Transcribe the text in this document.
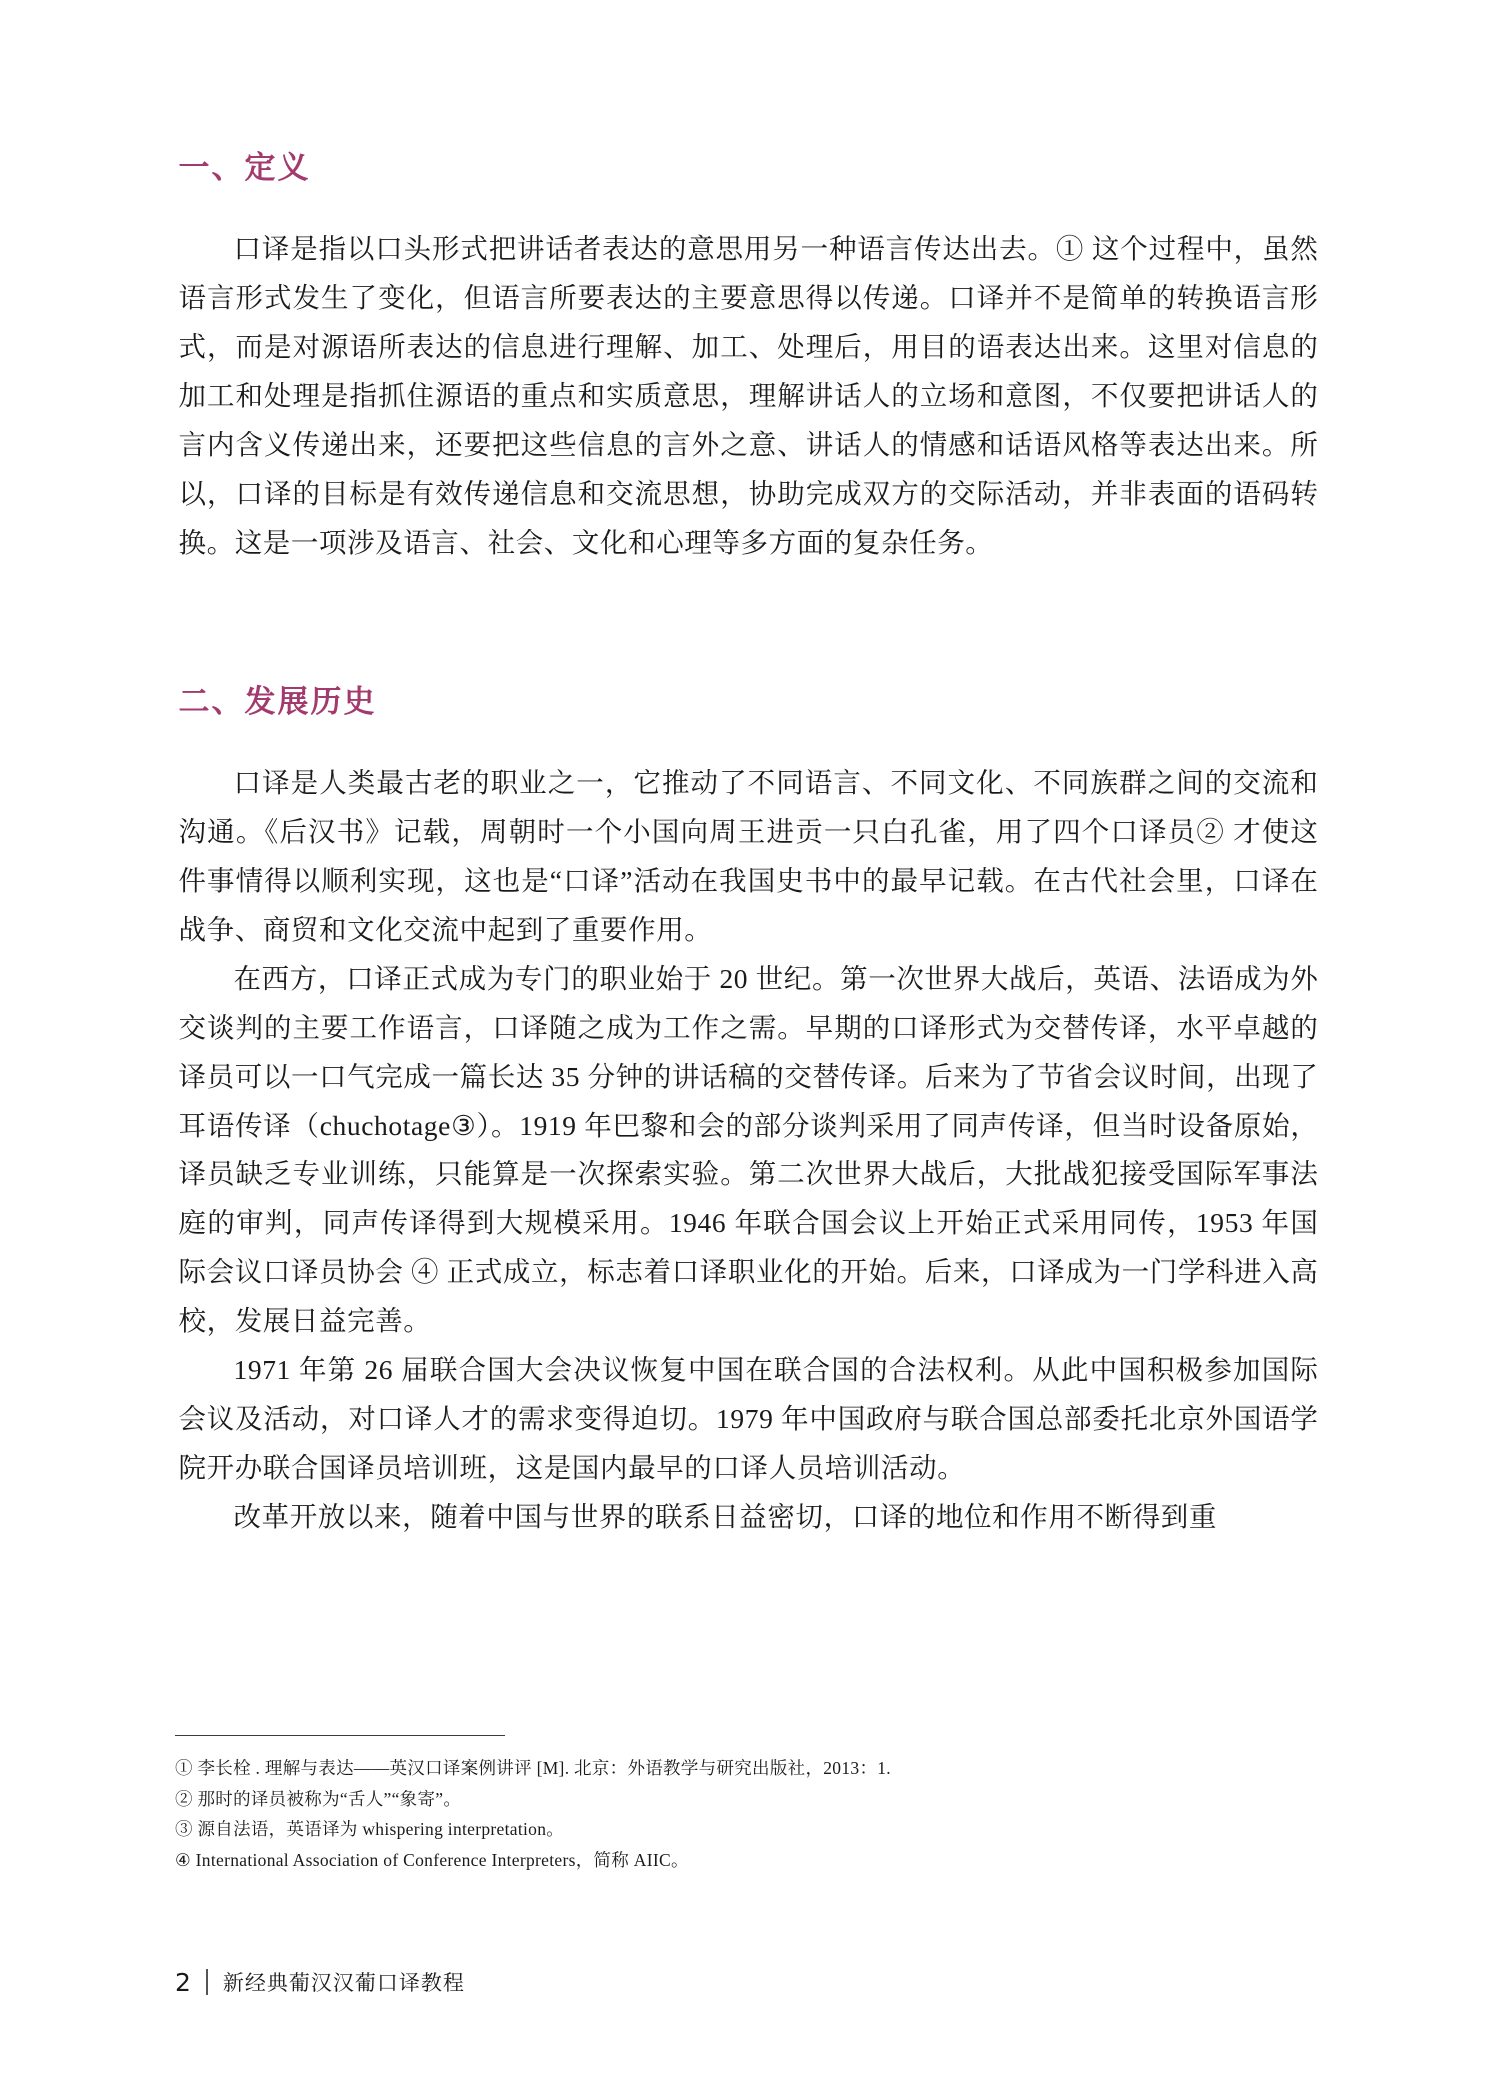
一、定义

口译是指以口头形式把讲话者表达的意思用另一种语言传达出去。① 这个过程中，虽然语言形式发生了变化，但语言所要表达的主要意思得以传递。口译并不是简单的转换语言形式，而是对源语所表达的信息进行理解、加工、处理后，用目的语表达出来。这里对信息的加工和处理是指抓住源语的重点和实质意思，理解讲话人的立场和意图，不仅要把讲话人的言内含义传递出来，还要把这些信息的言外之意、讲话人的情感和话语风格等表达出来。所以，口译的目标是有效传递信息和交流思想，协助完成双方的交际活动，并非表面的语码转换。这是一项涉及语言、社会、文化和心理等多方面的复杂任务。

二、发展历史

口译是人类最古老的职业之一，它推动了不同语言、不同文化、不同族群之间的交流和沟通。《后汉书》记载，周朝时一个小国向周王进贡一只白孔雀，用了四个口译员② 才使这件事情得以顺利实现，这也是“口译”活动在我国史书中的最早记载。在古代社会里，口译在战争、商贸和文化交流中起到了重要作用。

在西方，口译正式成为专门的职业始于 20 世纪。第一次世界大战后，英语、法语成为外交谈判的主要工作语言，口译随之成为工作之需。早期的口译形式为交替传译，水平卓越的译员可以一口气完成一篇长达 35 分钟的讲话稿的交替传译。后来为了节省会议时间，出现了耳语传译（chuchotage③）。1919 年巴黎和会的部分谈判采用了同声传译，但当时设备原始，译员缺乏专业训练，只能算是一次探索实验。第二次世界大战后，大批战犯接受国际军事法庭的审判，同声传译得到大规模采用。1946 年联合国会议上开始正式采用同传，1953 年国际会议口译员协会 ④ 正式成立，标志着口译职业化的开始。后来，口译成为一门学科进入高校，发展日益完善。

1971 年第 26 届联合国大会决议恢复中国在联合国的合法权利。从此中国积极参加国际会议及活动，对口译人才的需求变得迫切。1979 年中国政府与联合国总部委托北京外国语学院开办联合国译员培训班，这是国内最早的口译人员培训活动。

改革开放以来，随着中国与世界的联系日益密切，口译的地位和作用不断得到重

① 李长栓 . 理解与表达——英汉口译案例讲评 [M]. 北京：外语教学与研究出版社，2013：1.
② 那时的译员被称为“舌人”“象寄”。
③ 源自法语，英语译为 whispering interpretation。
④ International Association of Conference Interpreters，简称 AIIC。
2	新经典葡汉汉葡口译教程
